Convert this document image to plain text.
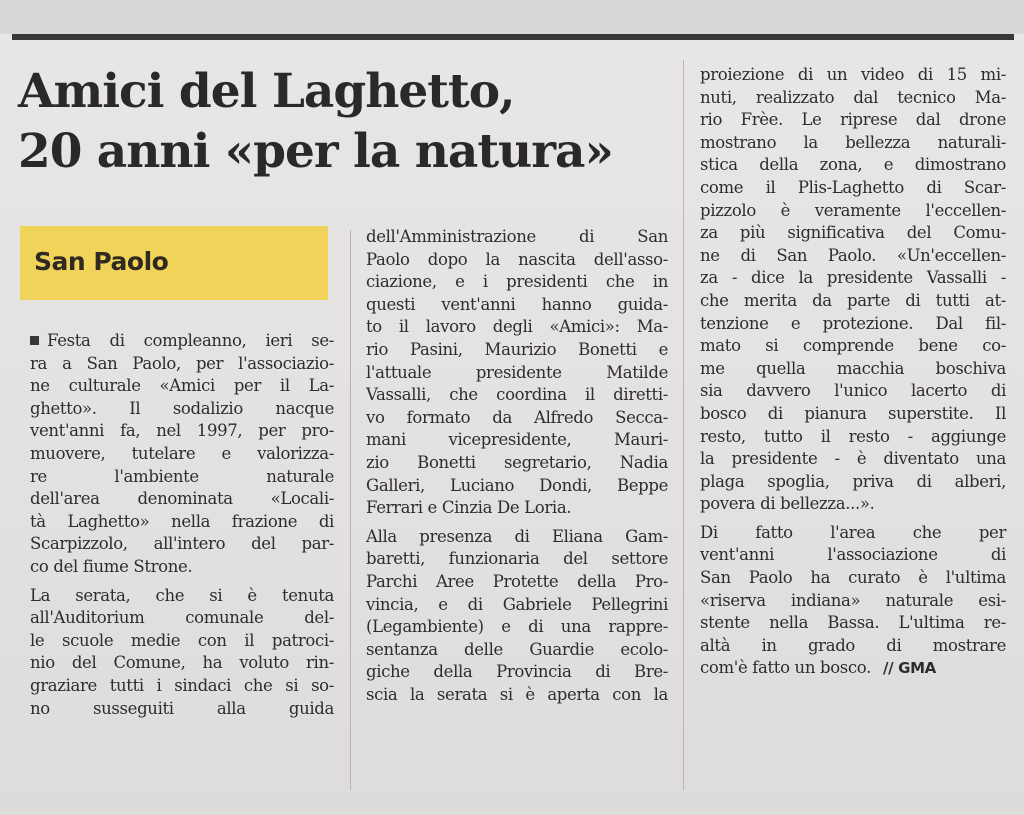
Amici del Laghetto,
20 anni «per la natura»

San Paolo

Festa di compleanno, ieri se-
ra a San Paolo, per l'associazio-
ne culturale «Amici per il La-
ghetto». Il sodalizio nacque
vent'anni fa, nel 1997, per pro-
muovere, tutelare e valorizza-
re l'ambiente naturale
dell'area denominata «Locali-
tà Laghetto» nella frazione di
Scarpizzolo, all'intero del par-
co del fiume Strone.
La serata, che si è tenuta
all'Auditorium comunale del-
le scuole medie con il patroci-
nio del Comune, ha voluto rin-
graziare tutti i sindaci che si so-
no susseguiti alla guida
dell'Amministrazione di San
Paolo dopo la nascita dell'asso-
ciazione, e i presidenti che in
questi vent'anni hanno guida-
to il lavoro degli «Amici»: Ma-
rio Pasini, Maurizio Bonetti e
l'attuale presidente Matilde
Vassalli, che coordina il diretti-
vo formato da Alfredo Secca-
mani vicepresidente, Mauri-
zio Bonetti segretario, Nadia
Galleri, Luciano Dondi, Beppe
Ferrari e Cinzia De Loria.
Alla presenza di Eliana Gam-
baretti, funzionaria del settore
Parchi Aree Protette della Pro-
vincia, e di Gabriele Pellegrini
(Legambiente) e di una rappre-
sentanza delle Guardie ecolo-
giche della Provincia di Bre-
scia la serata si è aperta con la
proiezione di un video di 15 mi-
nuti, realizzato dal tecnico Ma-
rio Frèe. Le riprese dal drone
mostrano la bellezza naturali-
stica della zona, e dimostrano
come il Plis-Laghetto di Scar-
pizzolo è veramente l'eccellen-
za più significativa del Comu-
ne di San Paolo. «Un'eccellen-
za - dice la presidente Vassalli -
che merita da parte di tutti at-
tenzione e protezione. Dal fil-
mato si comprende bene co-
me quella macchia boschiva
sia davvero l'unico lacerto di
bosco di pianura superstite. Il
resto, tutto il resto - aggiunge
la presidente - è diventato una
plaga spoglia, priva di alberi,
povera di bellezza...».
Di fatto l'area che per
vent'anni l'associazione di
San Paolo ha curato è l'ultima
«riserva indiana» naturale esi-
stente nella Bassa. L'ultima re-
altà in grado di mostrare
com'è fatto un bosco. // GMA
